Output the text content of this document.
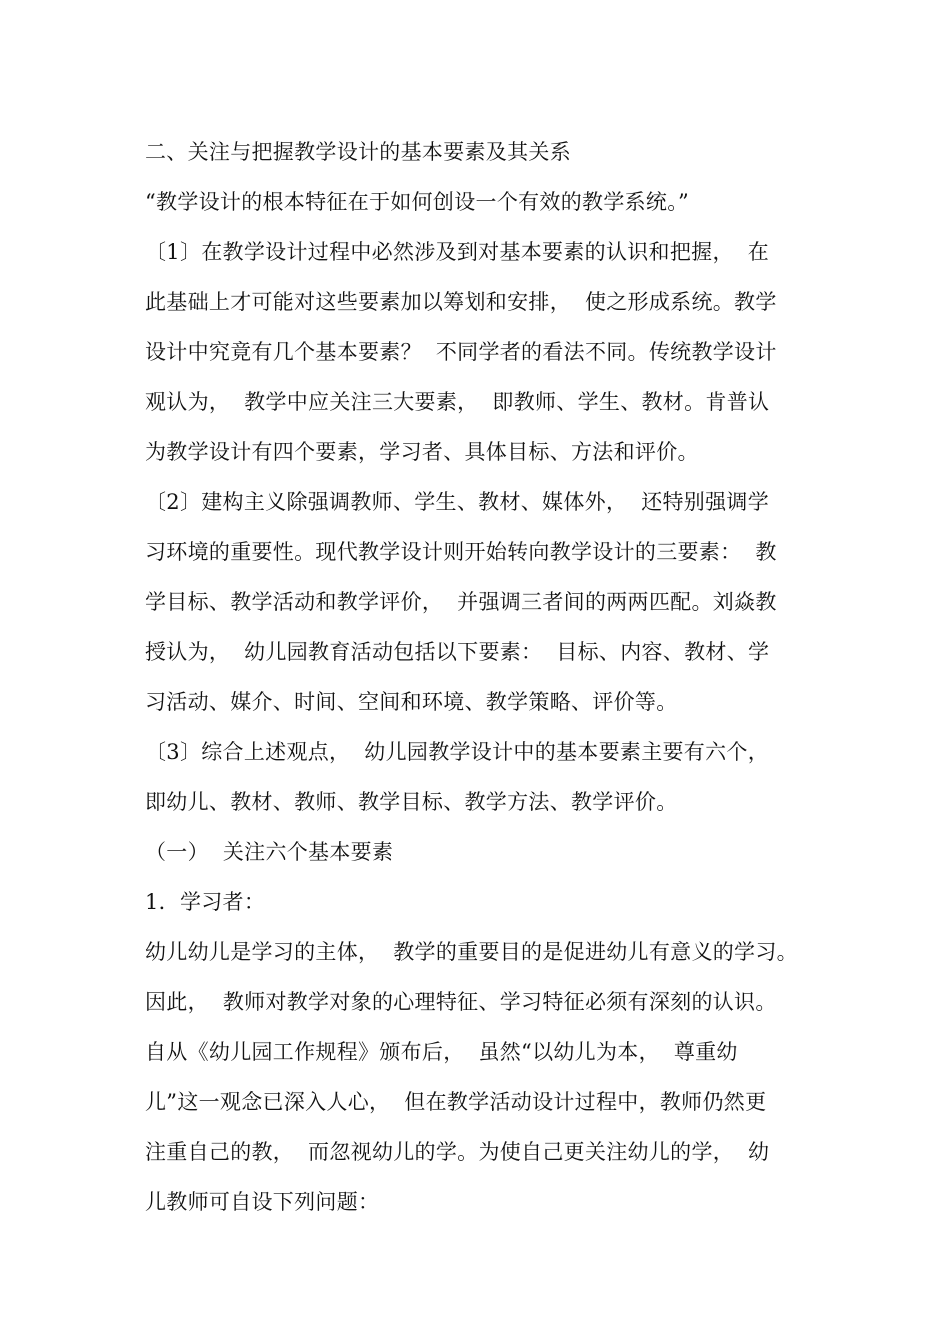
二、关注与把握教学设计的基本要素及其关系
“教学设计的根本特征在于如何创设一个有效的教学系统。”
〔1〕在教学设计过程中必然涉及到对基本要素的认识和把握，  在
此基础上才可能对这些要素加以筹划和安排，  使之形成系统。教学
设计中究竟有几个基本要素？  不同学者的看法不同。传统教学设计
观认为，  教学中应关注三大要素，  即教师、学生、教材。肯普认
为教学设计有四个要素，学习者、具体目标、方法和评价。
〔2〕建构主义除强调教师、学生、教材、媒体外，  还特别强调学
习环境的重要性。现代教学设计则开始转向教学设计的三要素：  教
学目标、教学活动和教学评价，  并强调三者间的两两匹配。刘焱教
授认为，  幼儿园教育活动包括以下要素：  目标、内容、教材、学
习活动、媒介、时间、空间和环境、教学策略、评价等。
〔3〕综合上述观点，  幼儿园教学设计中的基本要素主要有六个，
即幼儿、教材、教师、教学目标、教学方法、教学评价。
（一）  关注六个基本要素
1．学习者：
幼儿幼儿是学习的主体，  教学的重要目的是促进幼儿有意义的学习。
因此，  教师对教学对象的心理特征、学习特征必须有深刻的认识。
自从《幼儿园工作规程》颁布后，  虽然“以幼儿为本，  尊重幼
儿”这一观念已深入人心，  但在教学活动设计过程中，教师仍然更
注重自己的教，  而忽视幼儿的学。为使自己更关注幼儿的学，  幼
儿教师可自设下列问题：
